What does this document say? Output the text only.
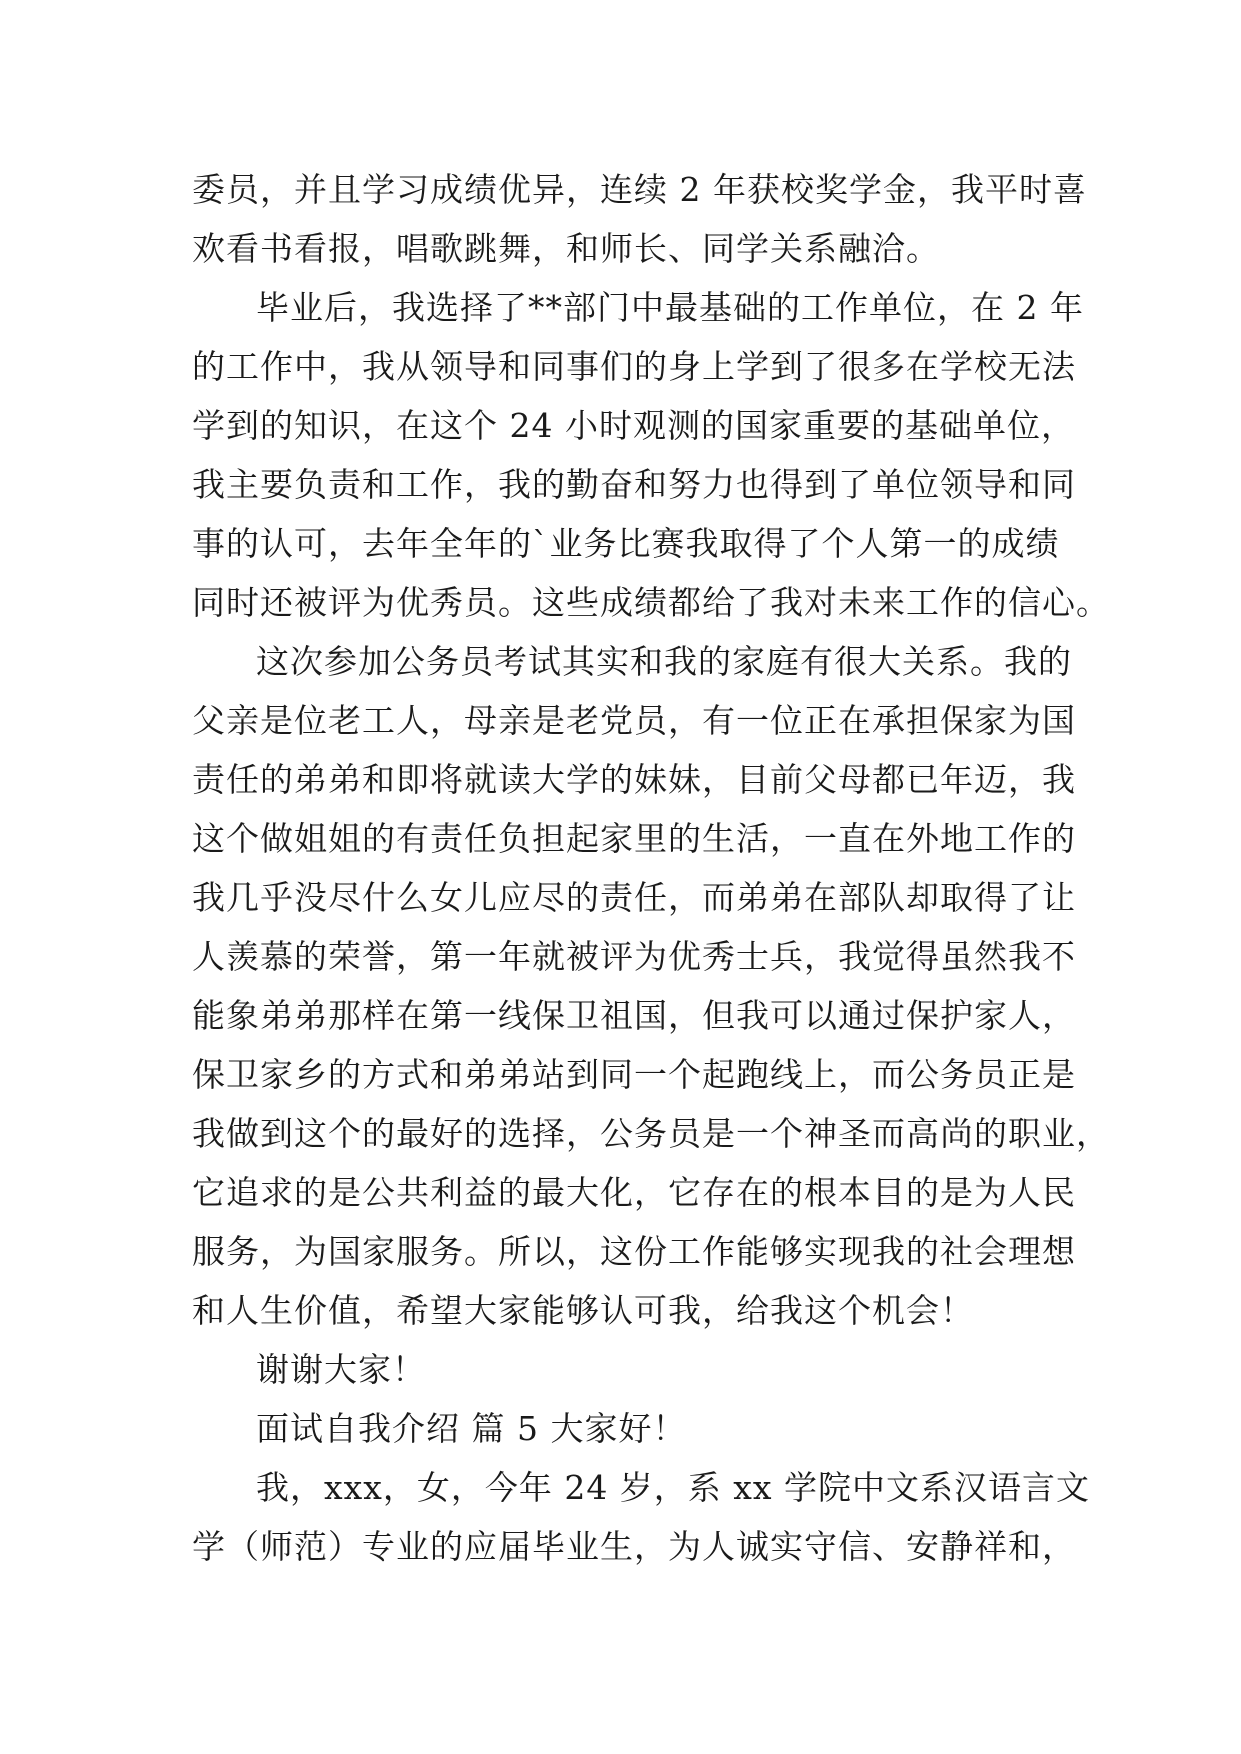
委员，并且学习成绩优异，连续 2 年获校奖学金，我平时喜
欢看书看报，唱歌跳舞，和师长、同学关系融洽。
毕业后，我选择了**部门中最基础的工作单位，在 2 年
的工作中，我从领导和同事们的身上学到了很多在学校无法
学到的知识，在这个 24 小时观测的国家重要的基础单位，
我主要负责和工作，我的勤奋和努力也得到了单位领导和同
事的认可，去年全年的`业务比赛我取得了个人第一的成绩
同时还被评为优秀员。这些成绩都给了我对未来工作的信心。
这次参加公务员考试其实和我的家庭有很大关系。我的
父亲是位老工人，母亲是老党员，有一位正在承担保家为国
责任的弟弟和即将就读大学的妹妹，目前父母都已年迈，我
这个做姐姐的有责任负担起家里的生活，一直在外地工作的
我几乎没尽什么女儿应尽的责任，而弟弟在部队却取得了让
人羡慕的荣誉，第一年就被评为优秀士兵，我觉得虽然我不
能象弟弟那样在第一线保卫祖国，但我可以通过保护家人，
保卫家乡的方式和弟弟站到同一个起跑线上，而公务员正是
我做到这个的最好的选择，公务员是一个神圣而高尚的职业，
它追求的是公共利益的最大化，它存在的根本目的是为人民
服务，为国家服务。所以，这份工作能够实现我的社会理想
和人生价值，希望大家能够认可我，给我这个机会！
谢谢大家！
面试自我介绍 篇 5 大家好！
我，xxx，女，今年 24 岁，系 xx 学院中文系汉语言文
学（师范）专业的应届毕业生，为人诚实守信、安静祥和，
